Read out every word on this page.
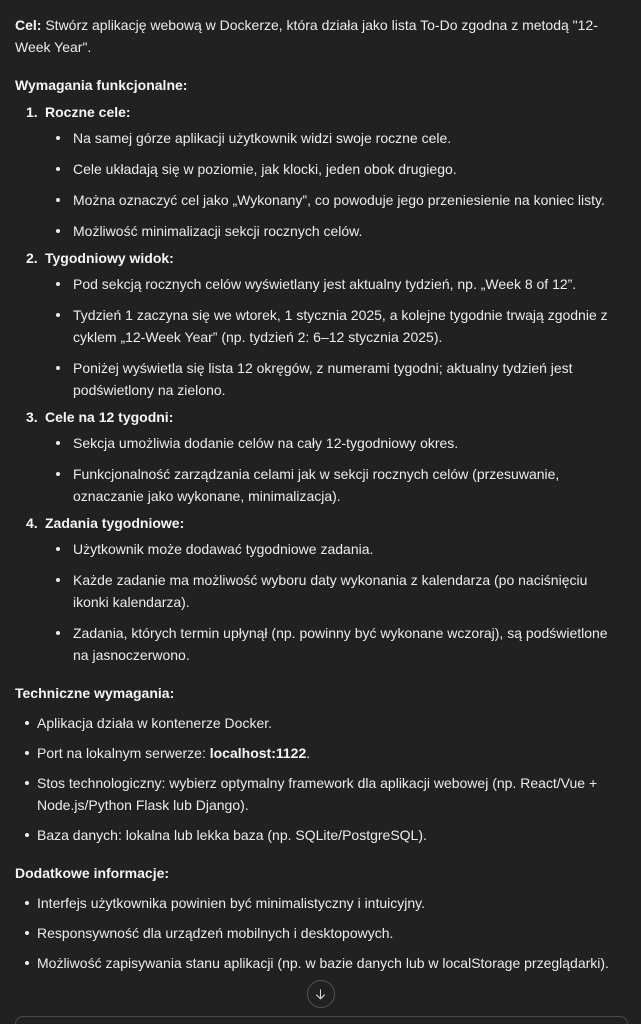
Cel: Stwórz aplikację webową w Dockerze, która działa jako lista To-Do zgodna z metodą "12-Week Year".

Wymagania funkcjonalne:
1. Roczne cele:
Na samej górze aplikacji użytkownik widzi swoje roczne cele.
Cele układają się w poziomie, jak klocki, jeden obok drugiego.
Można oznaczyć cel jako „Wykonany”, co powoduje jego przeniesienie na koniec listy.
Możliwość minimalizacji sekcji rocznych celów.
2. Tygodniowy widok:
Pod sekcją rocznych celów wyświetlany jest aktualny tydzień, np. „Week 8 of 12”.
Tydzień 1 zaczyna się we wtorek, 1 stycznia 2025, a kolejne tygodnie trwają zgodnie z cyklem „12-Week Year” (np. tydzień 2: 6–12 stycznia 2025).
Poniżej wyświetla się lista 12 okręgów, z numerami tygodni; aktualny tydzień jest podświetlony na zielono.
3. Cele na 12 tygodni:
Sekcja umożliwia dodanie celów na cały 12-tygodniowy okres.
Funkcjonalność zarządzania celami jak w sekcji rocznych celów (przesuwanie, oznaczanie jako wykonane, minimalizacja).
4. Zadania tygodniowe:
Użytkownik może dodawać tygodniowe zadania.
Każde zadanie ma możliwość wyboru daty wykonania z kalendarza (po naciśnięciu ikonki kalendarza).
Zadania, których termin upłynął (np. powinny być wykonane wczoraj), są podświetlone na jasnoczerwono.
Techniczne wymagania:
Aplikacja działa w kontenerze Docker.
Port na lokalnym serwerze: localhost:1122.
Stos technologiczny: wybierz optymalny framework dla aplikacji webowej (np. React/Vue + Node.js/Python Flask lub Django).
Baza danych: lokalna lub lekka baza (np. SQLite/PostgreSQL).
Dodatkowe informacje:
Interfejs użytkownika powinien być minimalistyczny i intuicyjny.
Responsywność dla urządzeń mobilnych i desktopowych.
Możliwość zapisywania stanu aplikacji (np. w bazie danych lub w localStorage przeglądarki).
